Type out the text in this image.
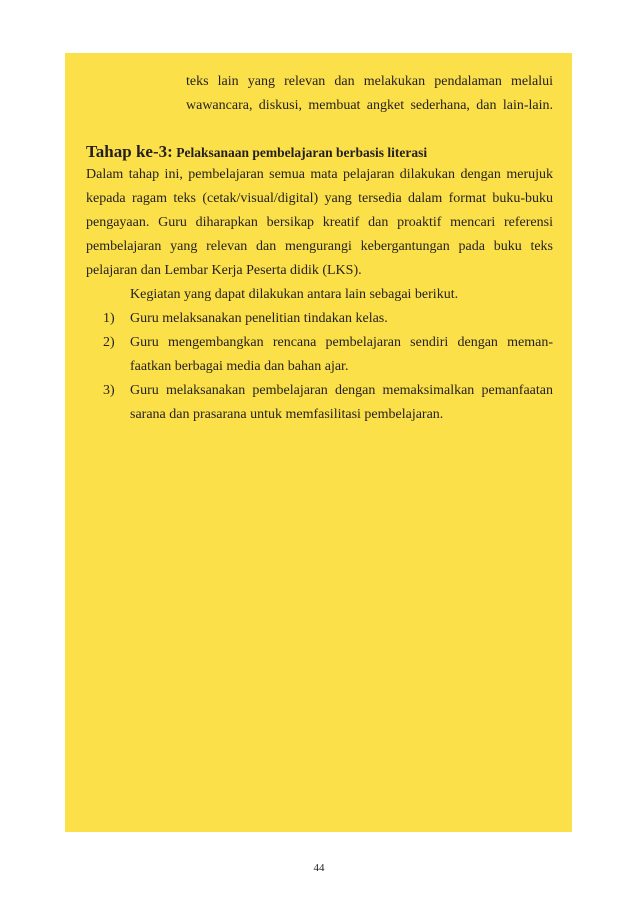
teks lain yang relevan dan melakukan pendalaman melalui
wawancara, diskusi, membuat angket sederhana, dan lain-lain.
Tahap ke-3: Pelaksanaan pembelajaran berbasis literasi
Dalam tahap ini, pembelajaran semua mata pelajaran dilakukan dengan merujuk
kepada ragam teks (cetak/visual/digital) yang tersedia dalam format buku-buku
pengayaan. Guru diharapkan bersikap kreatif dan proaktif mencari referensi
pembelajaran yang relevan dan mengurangi kebergantungan pada buku teks
pelajaran dan Lembar Kerja Peserta didik (LKS).
Kegiatan yang dapat dilakukan antara lain sebagai berikut.
1) Guru melaksanakan penelitian tindakan kelas.
2) Guru mengembangkan rencana pembelajaran sendiri dengan meman-
faatkan berbagai media dan bahan ajar.
3) Guru melaksanakan pembelajaran dengan memaksimalkan pemanfaatan
sarana dan prasarana untuk memfasilitasi pembelajaran.
44
